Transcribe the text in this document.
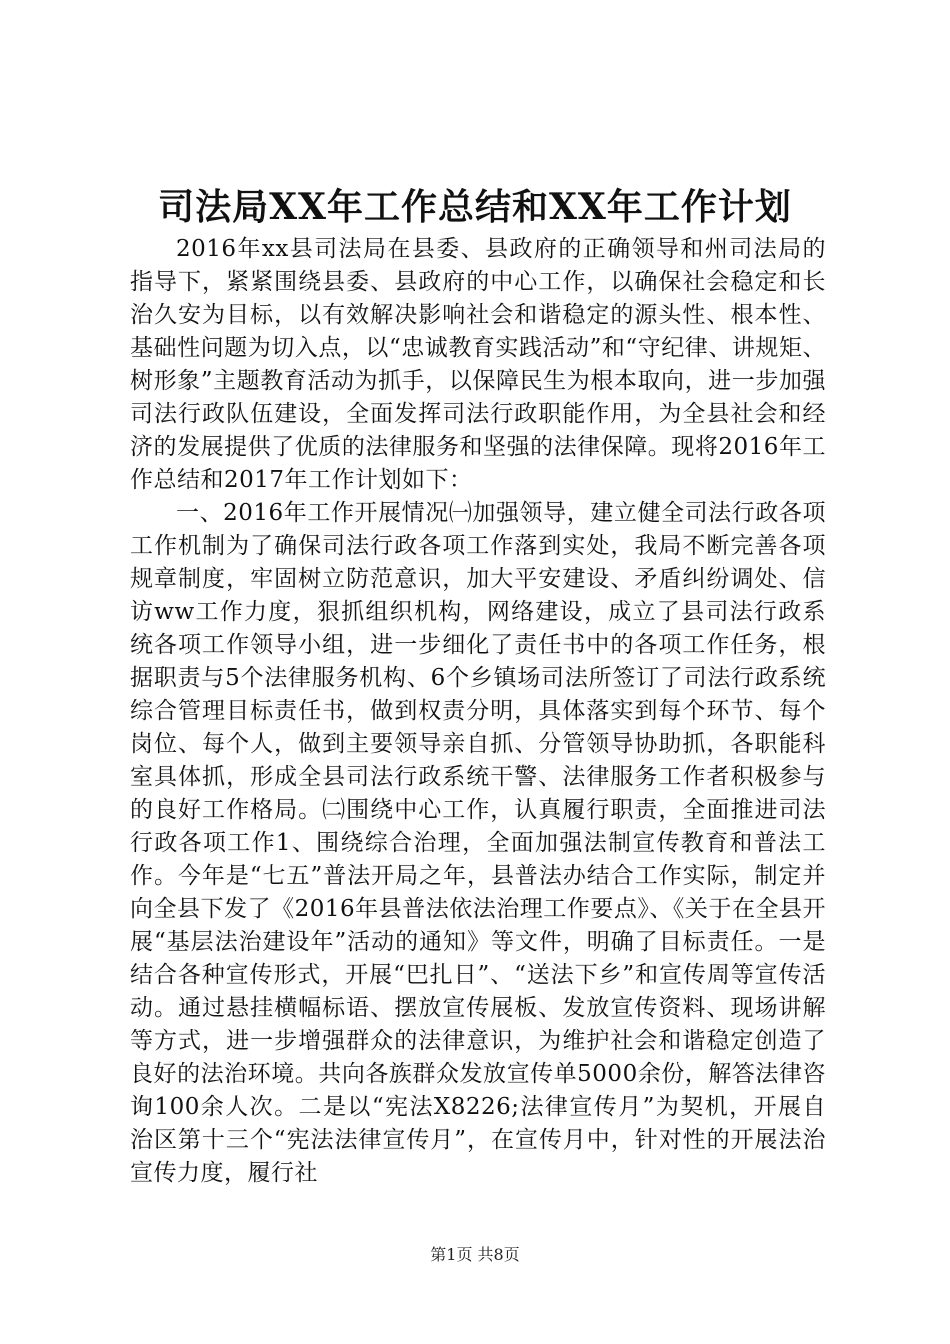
司法局XX年工作总结和XX年工作计划

2016年xx县司法局在县委、县政府的正确领导和州司法局的指导下，紧紧围绕县委、县政府的中心工作，以确保社会稳定和长治久安为目标，以有效解决影响社会和谐稳定的源头性、根本性、基础性问题为切入点，以“忠诚教育实践活动”和“守纪律、讲规矩、树形象”主题教育活动为抓手，以保障民生为根本取向，进一步加强司法行政队伍建设，全面发挥司法行政职能作用，为全县社会和经济的发展提供了优质的法律服务和坚强的法律保障。现将2016年工作总结和2017年工作计划如下：

一、2016年工作开展情况㈠加强领导，建立健全司法行政各项工作机制为了确保司法行政各项工作落到实处，我局不断完善各项规章制度，牢固树立防范意识，加大平安建设、矛盾纠纷调处、信访ww工作力度，狠抓组织机构，网络建设，成立了县司法行政系统各项工作领导小组，进一步细化了责任书中的各项工作任务，根据职责与5个法律服务机构、6个乡镇场司法所签订了司法行政系统综合管理目标责任书，做到权责分明，具体落实到每个环节、每个岗位、每个人，做到主要领导亲自抓、分管领导协助抓，各职能科室具体抓，形成全县司法行政系统干警、法律服务工作者积极参与的良好工作格局。㈡围绕中心工作，认真履行职责，全面推进司法行政各项工作1、围绕综合治理，全面加强法制宣传教育和普法工作。今年是“七五”普法开局之年，县普法办结合工作实际，制定并向全县下发了《2016年县普法依法治理工作要点》、《关于在全县开展“基层法治建设年”活动的通知》等文件，明确了目标责任。一是结合各种宣传形式，开展“巴扎日”、“送法下乡”和宣传周等宣传活动。通过悬挂横幅标语、摆放宣传展板、发放宣传资料、现场讲解等方式，进一步增强群众的法律意识，为维护社会和谐稳定创造了良好的法治环境。共向各族群众发放宣传单5000余份，解答法律咨询100余人次。二是以“宪法X8226;法律宣传月”为契机，开展自治区第十三个“宪法法律宣传月”，在宣传月中，针对性的开展法治宣传力度，履行社

第1页 共8页
